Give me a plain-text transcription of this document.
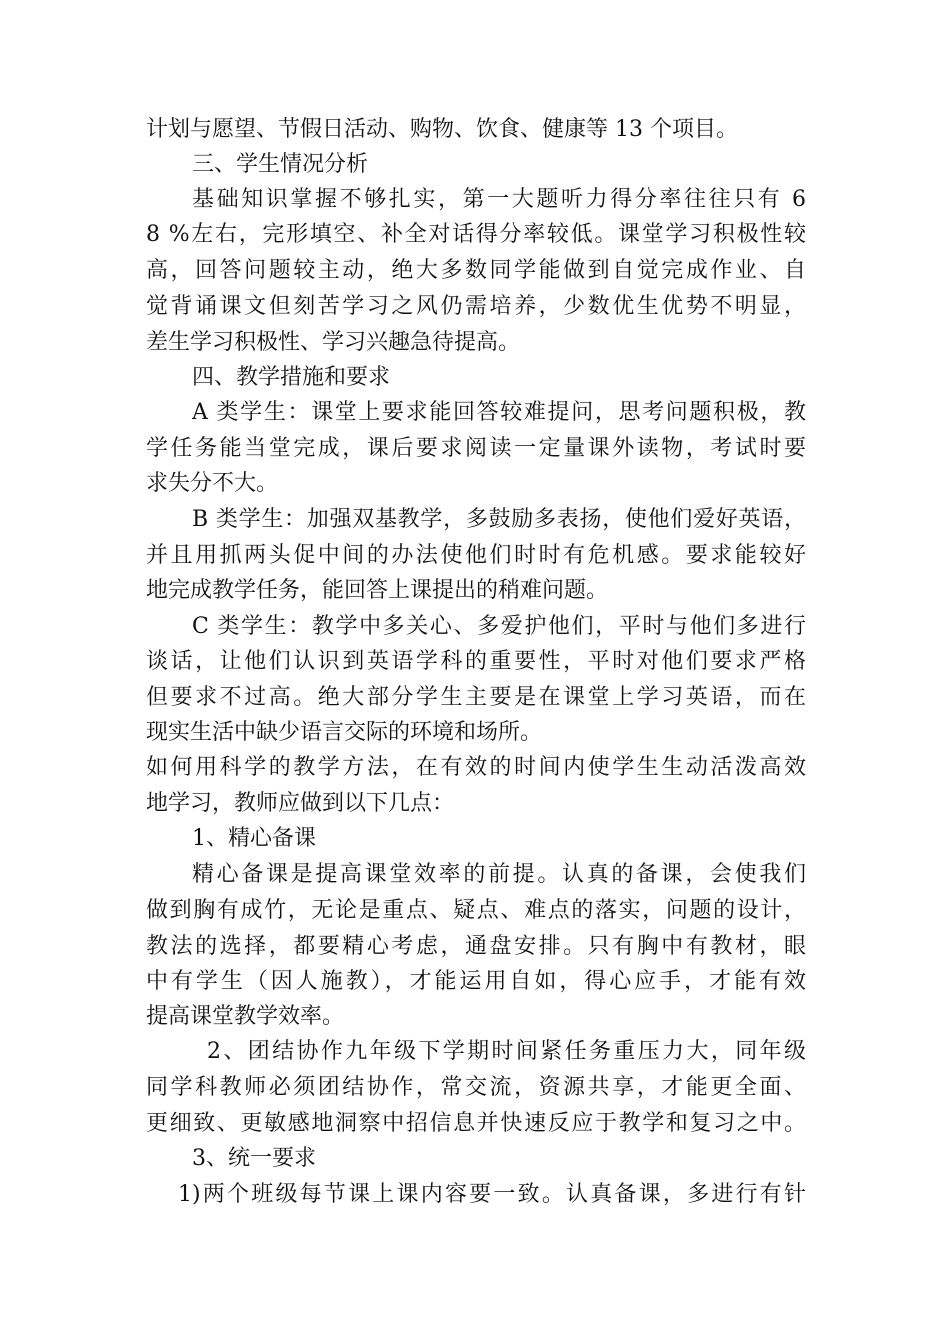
计划与愿望、节假日活动、购物、饮食、健康等 13 个项目。
三、学生情况分析
基础知识掌握不够扎实，第一大题听力得分率往往只有 6
8 %左右，完形填空、补全对话得分率较低。课堂学习积极性较
高，回答问题较主动，绝大多数同学能做到自觉完成作业、自
觉背诵课文但刻苦学习之风仍需培养，少数优生优势不明显，
差生学习积极性、学习兴趣急待提高。
四、教学措施和要求
A 类学生：课堂上要求能回答较难提问，思考问题积极，教
学任务能当堂完成，课后要求阅读一定量课外读物，考试时要
求失分不大。
B 类学生：加强双基教学，多鼓励多表扬，使他们爱好英语，
并且用抓两头促中间的办法使他们时时有危机感。要求能较好
地完成教学任务，能回答上课提出的稍难问题。
C 类学生：教学中多关心、多爱护他们，平时与他们多进行
谈话，让他们认识到英语学科的重要性，平时对他们要求严格
但要求不过高。绝大部分学生主要是在课堂上学习英语，而在
现实生活中缺少语言交际的环境和场所。
如何用科学的教学方法，在有效的时间内使学生生动活泼高效
地学习，教师应做到以下几点：
1、精心备课
精心备课是提高课堂效率的前提。认真的备课，会使我们
做到胸有成竹，无论是重点、疑点、难点的落实，问题的设计，
教法的选择，都要精心考虑，通盘安排。只有胸中有教材，眼
中有学生（因人施教），才能运用自如，得心应手，才能有效
提高课堂教学效率。
2、团结协作九年级下学期时间紧任务重压力大，同年级
同学科教师必须团结协作，常交流，资源共享，才能更全面、
更细致、更敏感地洞察中招信息并快速反应于教学和复习之中。
3、统一要求
1)两个班级每节课上课内容要一致。认真备课，多进行有针
